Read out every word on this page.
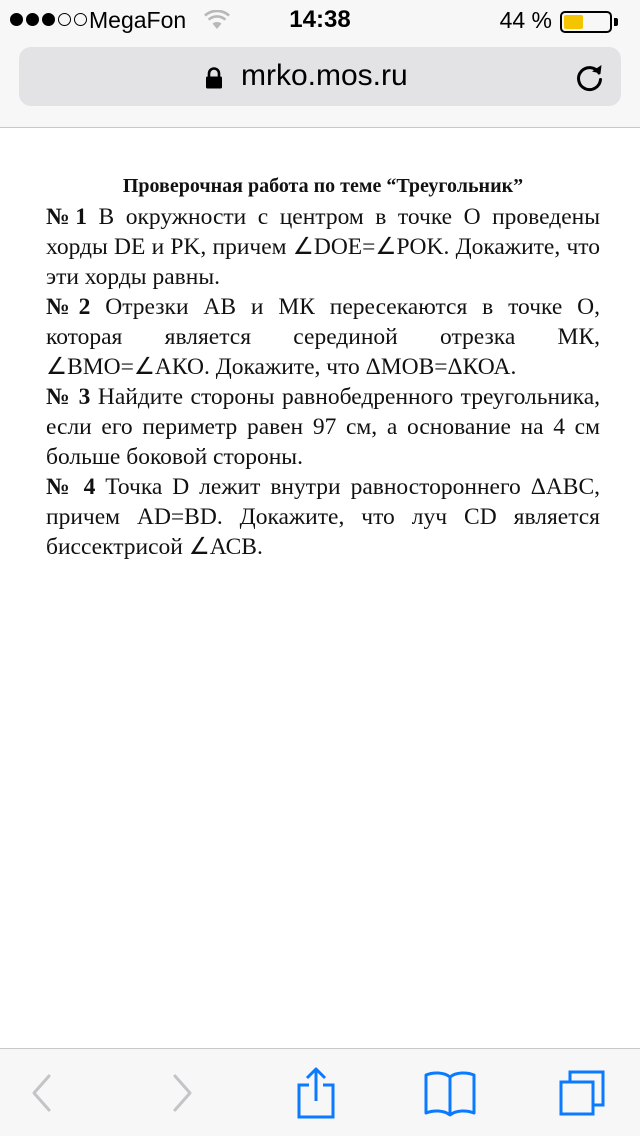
MegaFon	14:38	44 %
mrko.mos.ru
Проверочная работа по теме “Треугольник”

№1 В окружности с центром в точке О проведены хорды DE и PK, причем ∠DOE=∠POK. Докажите, что эти хорды равны.

№2 Отрезки АВ и МК пересекаются в точке О, которая является серединой отрезка МК, ∠ВМО=∠АКО. Докажите, что ΔМОВ=ΔКОА.

№ 3 Найдите стороны равнобедренного треугольника, если его периметр равен 97 см, а основание на 4 см больше боковой стороны.

№ 4 Точка D лежит внутри равностороннего ΔАВС, причем AD=BD. Докажите, что луч CD является биссектрисой ∠АСВ.
